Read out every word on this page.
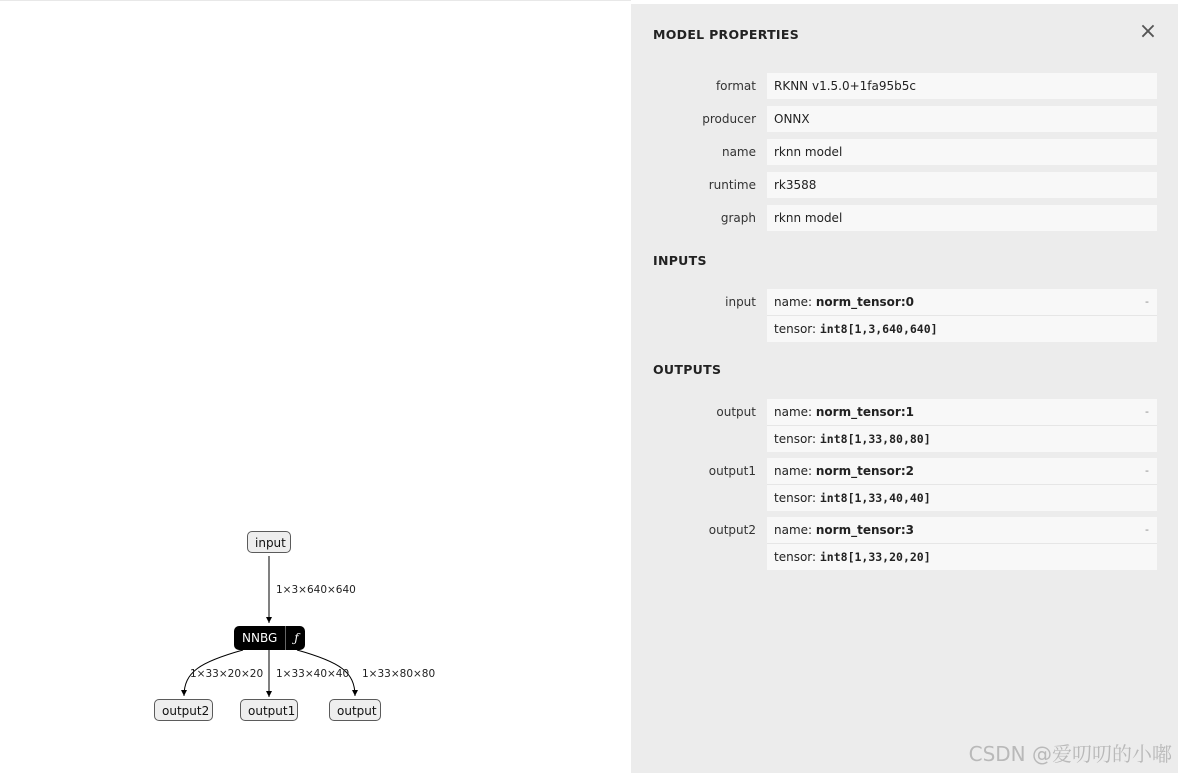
input
1×3×640×640
NNBG	ƒ
1×33×20×20 1×33×40×40 1×33×80×80
output2	output1	output
MODEL PROPERTIES	×
format	RKNN v1.5.0+1fa95b5c
producer	ONNX
name	rknn model
runtime	rk3588
graph	rknn model
INPUTS
input	name: norm_tensor:0	-
tensor: int8[1,3,640,640]
OUTPUTS
output	name: norm_tensor:1	-
tensor: int8[1,33,80,80]
output1	name: norm_tensor:2	-
tensor: int8[1,33,40,40]
output2	name: norm_tensor:3	-
tensor: int8[1,33,20,20]
CSDN @爱叨叨的小嘟
